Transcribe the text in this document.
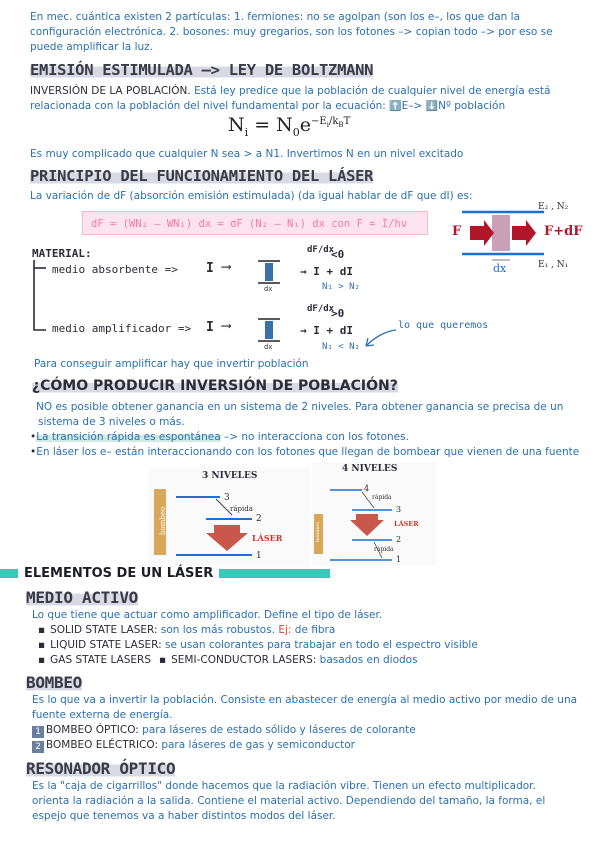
En mec. cuántica existen 2 partículas: 1. fermiones: no se agolpan (son los e–, los que dan la
configuración electrónica. 2. bosones: muy gregarios, son los fotones –> copian todo –> por eso se
puede amplificar la luz.
EMISIÓN ESTIMULADA –> LEY DE BOLTZMANN
INVERSIÓN DE LA POBLACIÓN. Está ley predice que la población de cualquier nivel de energía está
relacionada con la población del nivel fundamental por la ecuación: ⬆️E–> ⬇️Nº población
$N_i = N_0e^{-E_i/k_BT}$
Es muy complicado que cualquier N sea > a N1. Invertimos N en un nivel excitado
PRINCIPIO DEL FUNCIONAMIENTO DEL LÁSER
La variación de dF (absorción emisión estimulada) (da igual hablar de dF que dI) es:
dF = (WN₂ – WN₁) dx = σF (N₂ – N₁) dx con F = I/hν
E₂ , N₂
E₁ , N₁
F	F+dF
dx
MATERIAL:
medio absorbente =>
medio amplificador =>
I ⟶
dx
dF/dx
<0
→ I + dI
N₁ > N₂
I ⟶
dx
dF/dx
>0
→ I + dI
N₁ < N₂
lo que queremos
Para conseguir amplificar hay que invertir población
¿CÓMO PRODUCIR INVERSIÓN DE POBLACIÓN?
NO es posible obtener ganancia en un sistema de 2 niveles. Para obtener ganancia se precisa de un
sistema de 3 niveles o más.
•La transición rápida es espontánea –> no interacciona con los fotones.
•En láser los e– están interaccionando con los fotones que llegan de bombear que vienen de una fuente
3 NIVELES
bombeo
3
rápida
2
LÁSER
1
4 NIVELES
4
rápida
3
LÁSER
2
rápida
1
bombeo
ELEMENTOS DE UN LÁSER
MEDIO ACTIVO
Lo que tiene que actuar como amplificador. Define el tipo de láser.
▪ SOLID STATE LASER: son los más robustos. Ej: de fibra
▪ LIQUID STATE LASER: se usan colorantes para trabajar en todo el espectro visible
▪ GAS STATE LASERS▪ SEMI-CONDUCTOR LASERS: basados en diodos
BOMBEO
Es lo que va a invertir la población. Consiste en abastecer de energía al medio activo por medio de una
fuente externa de energía.
1 BOMBEO ÓPTICO: para láseres de estado sólido y láseres de colorante
2 BOMBEO ELÉCTRICO: para láseres de gas y semiconductor
RESONADOR ÓPTICO
Es la "caja de cigarrillos" donde hacemos que la radiación vibre. Tienen un efecto multiplicador.
orienta la radiación a la salida. Contiene el material activo. Dependiendo del tamaño, la forma, el
espejo que tenemos va a haber distintos modos del láser.
